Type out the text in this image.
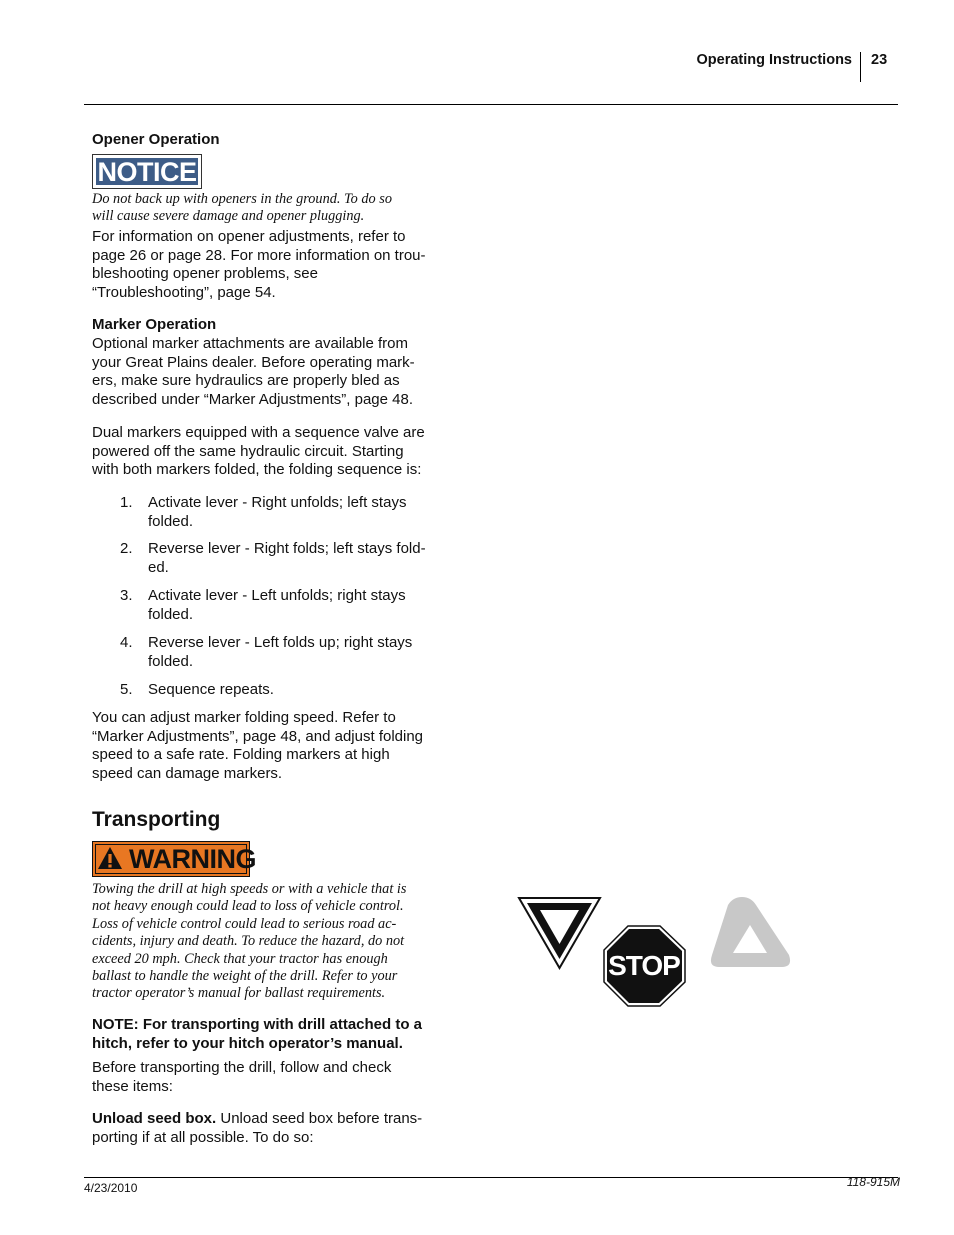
Operating Instructions 23
Opener Operation
NOTICE
Do not back up with openers in the ground. To do so
will cause severe damage and opener plugging.
For information on opener adjustments, refer to
page 26 or page 28. For more information on trou-
bleshooting opener problems, see
“Troubleshooting”, page 54.
Marker Operation
Optional marker attachments are available from
your Great Plains dealer. Before operating mark-
ers, make sure hydraulics are properly bled as
described under “Marker Adjustments”, page 48.
Dual markers equipped with a sequence valve are
powered off the same hydraulic circuit. Starting
with both markers folded, the folding sequence is:
1. Activate lever - Right unfolds; left stays
folded.
2. Reverse lever - Right folds; left stays fold-
ed.
3. Activate lever - Left unfolds; right stays
folded.
4. Reverse lever - Left folds up; right stays
folded.
5. Sequence repeats.
You can adjust marker folding speed. Refer to
“Marker Adjustments”, page 48, and adjust folding
speed to a safe rate. Folding markers at high
speed can damage markers.
Transporting
WARNING
Towing the drill at high speeds or with a vehicle that is
not heavy enough could lead to loss of vehicle control.
Loss of vehicle control could lead to serious road ac-
cidents, injury and death. To reduce the hazard, do not
exceed 20 mph. Check that your tractor has enough
ballast to handle the weight of the drill. Refer to your
tractor operator’s manual for ballast requirements.
NOTE: For transporting with drill attached to a
hitch, refer to your hitch operator’s manual.
Before transporting the drill, follow and check
these items:
Unload seed box. Unload seed box before trans-
porting if at all possible. To do so:
STOP
4/23/2010	118-915M
